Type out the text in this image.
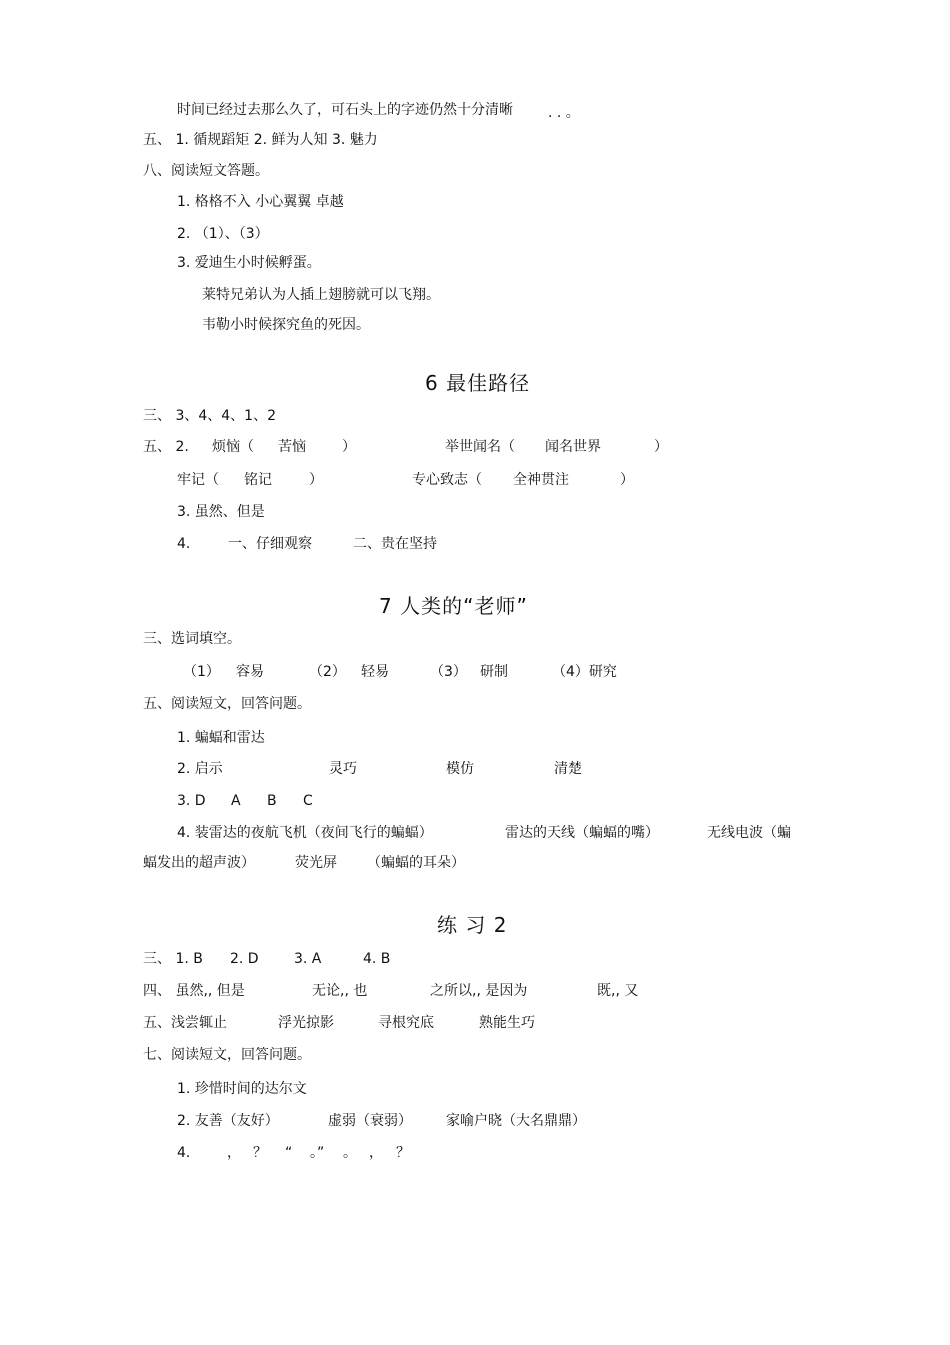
时间已经过去那么久了，可石头上的字迹仍然十分清晰	. . 。
五、 1. 循规蹈矩 2. 鲜为人知 3. 魅力
八、阅读短文答题。
1. 格格不入 小心翼翼 卓越
2. （1）、（3）
3. 爱迪生小时候孵蛋。
莱特兄弟认为人插上翅膀就可以飞翔。
韦勒小时候探究鱼的死因。
6 最佳路径
三、 3、4、4、1、2
五、 2. 烦恼（ 苦恼	）	举世闻名（ 闻名世界	）
牢记（ 铭记	）	专心致志（ 全神贯注	）
3. 虽然、但是
4.	一、仔细观察	二、贵在坚持
7 人类的“老师”
三、选词填空。
（1） 容易	（2） 轻易	（3） 研制	（4）研究
五、阅读短文，回答问题。
1. 蝙蝠和雷达
2. 启示	灵巧	模仿	清楚
3. D A B C
4. 装雷达的夜航飞机（夜间飞行的蝙蝠）	雷达的天线（蝙蝠的嘴）	无线电波（蝙
蝠发出的超声波）	荧光屏 （蝙蝠的耳朵）
练 习 2
三、 1. B 2. D	3. A	4. B
四、 虽然,, 但是	无论,, 也	之所以,, 是因为	既,, 又
五、浅尝辄止	浮光掠影	寻根究底	熟能生巧
七、阅读短文，回答问题。
1. 珍惜时间的达尔文
2. 友善（友好）	虚弱（衰弱） 家喻户晓（大名鼎鼎）
4.	， ？ “ 。” 。 ， ？
